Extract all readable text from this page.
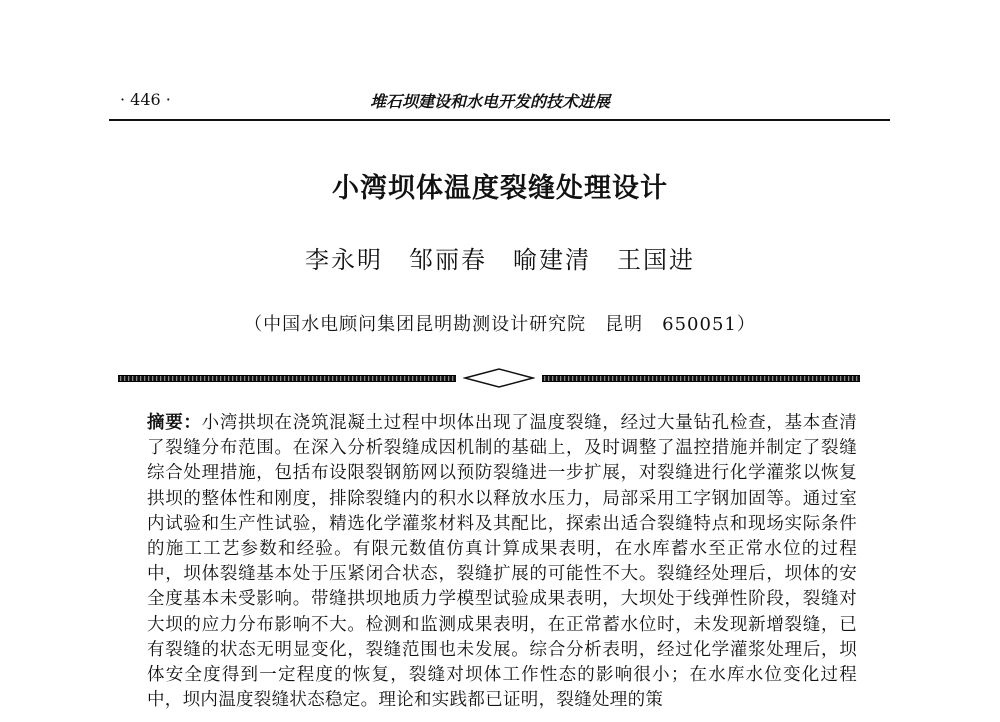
· 446 ·	堆石坝建设和水电开发的技术进展
小湾坝体温度裂缝处理设计
李永明　邹丽春　喻建清　王国进
（中国水电顾问集团昆明勘测设计研究院　昆明　650051）
摘要：小湾拱坝在浇筑混凝土过程中坝体出现了温度裂缝，经过大量钻孔检查，基本查清了裂缝分布范围。在深入分析裂缝成因机制的基础上，及时调整了温控措施并制定了裂缝综合处理措施，包括布设限裂钢筋网以预防裂缝进一步扩展，对裂缝进行化学灌浆以恢复拱坝的整体性和刚度，排除裂缝内的积水以释放水压力，局部采用工字钢加固等。通过室内试验和生产性试验，精选化学灌浆材料及其配比，探索出适合裂缝特点和现场实际条件的施工工艺参数和经验。有限元数值仿真计算成果表明，在水库蓄水至正常水位的过程中，坝体裂缝基本处于压紧闭合状态，裂缝扩展的可能性不大。裂缝经处理后，坝体的安全度基本未受影响。带缝拱坝地质力学模型试验成果表明，大坝处于线弹性阶段，裂缝对大坝的应力分布影响不大。检测和监测成果表明，在正常蓄水位时，未发现新增裂缝，已有裂缝的状态无明显变化，裂缝范围也未发展。综合分析表明，经过化学灌浆处理后，坝体安全度得到一定程度的恢复，裂缝对坝体工作性态的影响很小；在水库水位变化过程中，坝内温度裂缝状态稳定。理论和实践都已证明，裂缝处理的策
